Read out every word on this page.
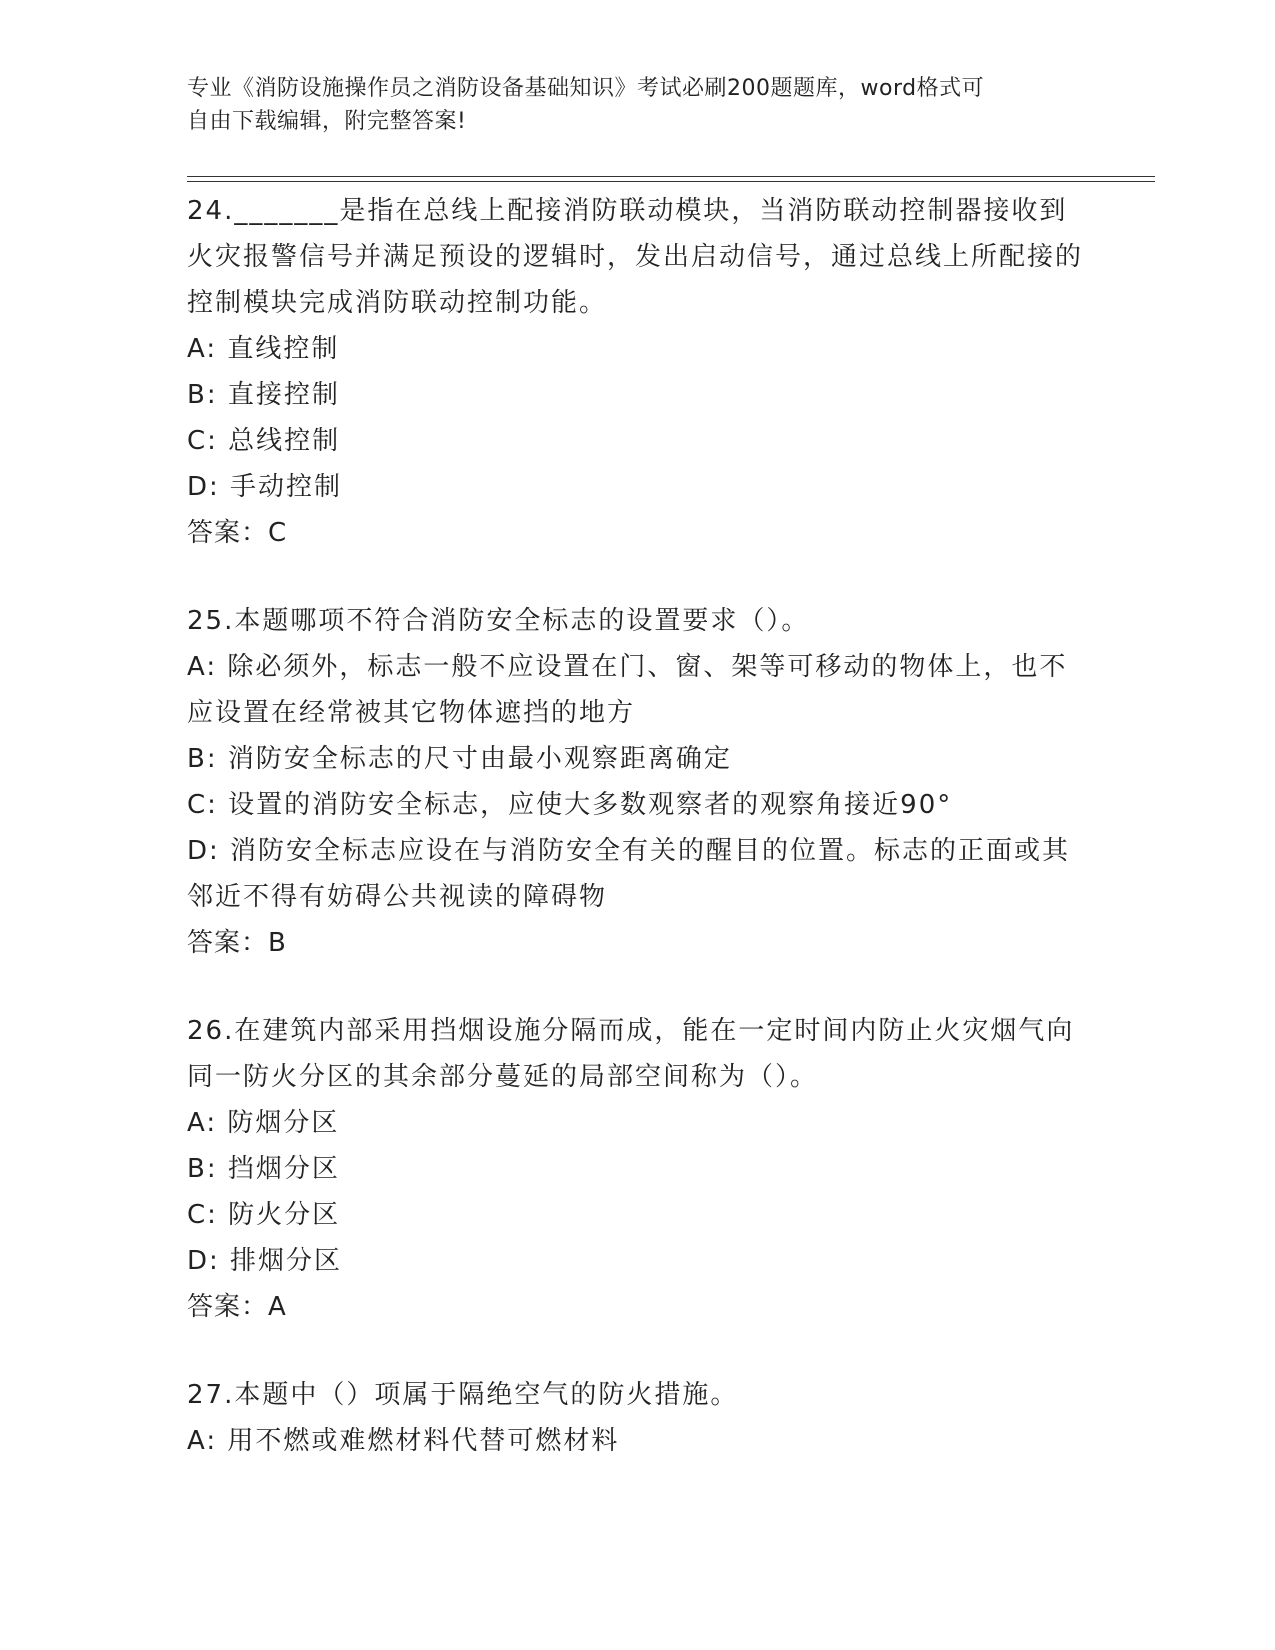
专业《消防设施操作员之消防设备基础知识》考试必刷200题题库，word格式可
自由下载编辑，附完整答案!
24._______是指在总线上配接消防联动模块，当消防联动控制器接收到火灾报警信号并满足预设的逻辑时，发出启动信号，通过总线上所配接的控制模块完成消防联动控制功能。
A: 直线控制
B: 直接控制
C: 总线控制
D: 手动控制
答案：C
25.本题哪项不符合消防安全标志的设置要求（）。
A: 除必须外，标志一般不应设置在门、窗、架等可移动的物体上，也不应设置在经常被其它物体遮挡的地方
B: 消防安全标志的尺寸由最小观察距离确定
C: 设置的消防安全标志，应使大多数观察者的观察角接近90°
D: 消防安全标志应设在与消防安全有关的醒目的位置。标志的正面或其邻近不得有妨碍公共视读的障碍物
答案：B
26.在建筑内部采用挡烟设施分隔而成，能在一定时间内防止火灾烟气向同一防火分区的其余部分蔓延的局部空间称为（）。
A: 防烟分区
B: 挡烟分区
C: 防火分区
D: 排烟分区
答案：A
27.本题中（）项属于隔绝空气的防火措施。
A: 用不燃或难燃材料代替可燃材料
